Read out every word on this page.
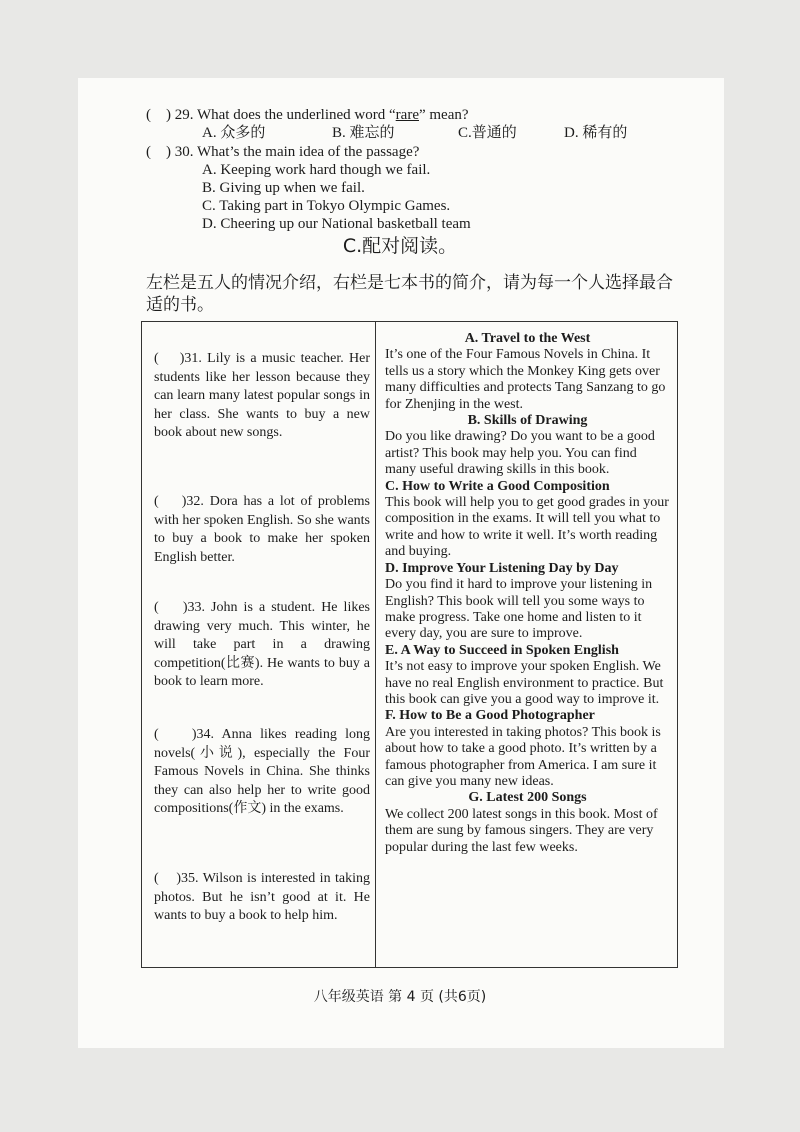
(    ) 29. What does the underlined word “rare” mean?
A. 众多的	B. 难忘的	C.普通的	D. 稀有的
(    ) 30. What’s the main idea of the passage?
A. Keeping work hard though we fail.
B. Giving up when we fail.
C. Taking part in Tokyo Olympic Games.
D. Cheering up our National basketball team
C.配对阅读。
左栏是五人的情况介绍，右栏是七本书的简介，请为每一个人选择最合适的书。
(    )31. Lily is a music teacher. Her students like her lesson because they can learn many latest popular songs in her class. She wants to buy a new book about new songs.
(    )32. Dora has a lot of problems with her spoken English. So she wants to buy a book to make her spoken English better.
(    )33. John is a student. He likes drawing very much. This winter, he will take part in a drawing competition(比赛). He wants to buy a book to learn more.
(    )34. Anna likes reading long novels(小说), especially the Four Famous Novels in China. She thinks they can also help her to write good compositions(作文) in the exams.
(    )35. Wilson is interested in taking photos. But he isn’t good at it. He wants to buy a book to help him.
A. Travel to the West

It’s one of the Four Famous Novels in China. It tells us a story which the Monkey King gets over many difficulties and protects Tang Sanzang to go for Zhenjing in the west.

B. Skills of Drawing

Do you like drawing? Do you want to be a good artist? This book may help you. You can find many useful drawing skills in this book.

C. How to Write a Good Composition

This book will help you to get good grades in your composition in the exams. It will tell you what to write and how to write it well. It’s worth reading and buying.

D. Improve Your Listening Day by Day

Do you find it hard to improve your listening in English? This book will tell you some ways to make progress. Take one home and listen to it every day, you are sure to improve.

E. A Way to Succeed in Spoken English

It’s not easy to improve your spoken English. We have no real English environment to practice. But this book can give you a good way to improve it.

F. How to Be a Good Photographer

Are you interested in taking photos? This book is about how to take a good photo. It’s written by a famous photographer from America. I am sure it can give you many new ideas.

G. Latest 200 Songs

We collect 200 latest songs in this book. Most of them are sung by famous singers. They are very popular during the last few weeks.

八年级英语 第 4 页 (共6页)
